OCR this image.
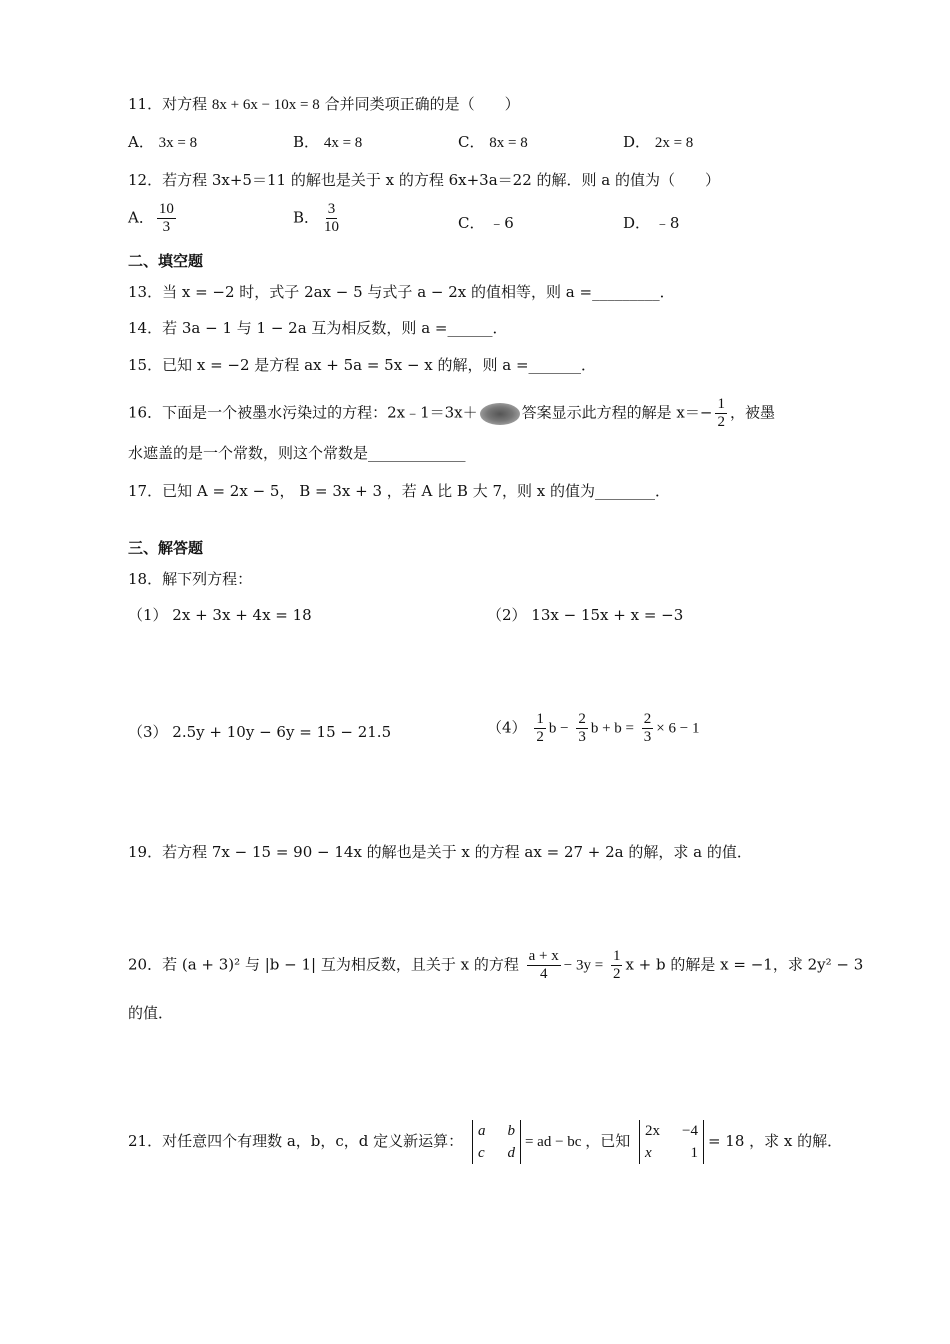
11．对方程 8x + 6x − 10x = 8 合并同类项正确的是（　　）
A． 3x = 8	B． 4x = 8	C． 8x = 8	D． 2x = 8
12．若方程 3x+5＝11 的解也是关于 x 的方程 6x+3a＝22 的解．则 a 的值为（　　）
A． $\frac{10}{3}$	B． $\frac{3}{10}$	C． ﹣6	D． ﹣8
二、填空题
13．当 x = −2 时，式子 2ax − 5 与式子 a − 2x 的值相等，则 a =_________．
14．若 3a − 1 与 1 − 2a 互为相反数，则 a =______．
15．已知 x = −2 是方程 ax + 5a = 5x − x 的解，则 a =_______．
16．下面是一个被墨水污染过的方程：2x﹣1＝3x＋	答案显示此方程的解是 $x=- \frac{1}{2}$ ，被墨
水遮盖的是一个常数，则这个常数是_____________
17．已知 A = 2x − 5， B = 3x + 3 ，若 A 比 B 大 7，则 x 的值为________．
三、解答题
18．解下列方程：
（1） 2x + 3x + 4x = 18	（2） 13x − 15x + x = −3
（3） 2.5y + 10y − 6y = 15 − 21.5	$(4) \frac{1}{2}$ $b - \frac{2}{3}$ $b + b = \frac{2}{3} \times 6 - 1$
19．若方程 7x − 15 = 90 − 14x 的解也是关于 x 的方程 ax = 27 + 2a 的解，求 a 的值．
20．若 (a + 3)² 与 |b − 1| 互为相反数，且关于 x 的方程 $\frac{a + x}{4} - 3y = \frac{1}{2}$ x + b 的解是 x = −1，求 2y² − 3
的值．
21．对任意四个有理数 a，b，c，d 定义新运算：
a b
c d
= ad − bc ，已知
2x −4
x	1
= 18 ，求 x 的解．
